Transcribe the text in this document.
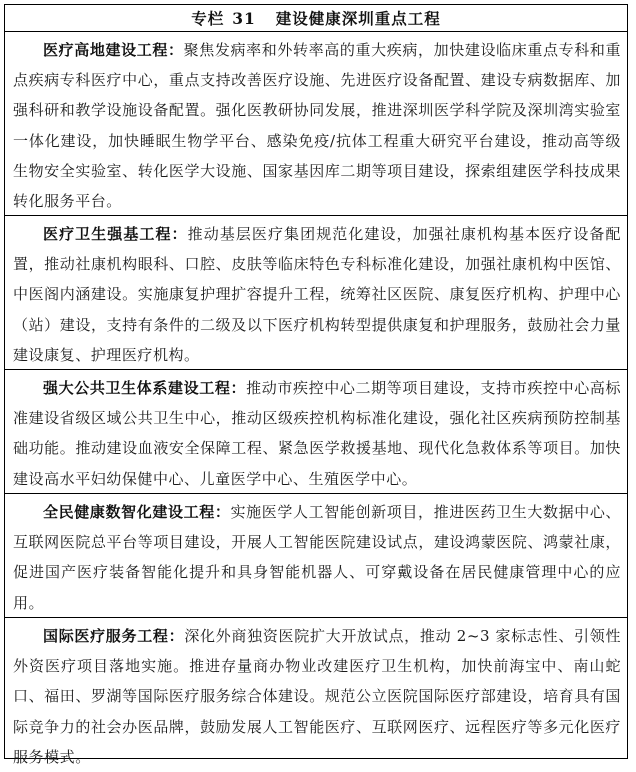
专栏 31 建设健康深圳重点工程

医疗高地建设工程：聚焦发病率和外转率高的重大疾病，加快建设临床重点专科和重点疾病专科医疗中心，重点支持改善医疗设施、先进医疗设备配置、建设专病数据库、加强科研和教学设施设备配置。强化医教研协同发展，推进深圳医学科学院及深圳湾实验室一体化建设，加快睡眠生物学平台、感染免疫/抗体工程重大研究平台建设，推动高等级生物安全实验室、转化医学大设施、国家基因库二期等项目建设，探索组建医学科技成果转化服务平台。

医疗卫生强基工程：推动基层医疗集团规范化建设，加强社康机构基本医疗设备配置，推动社康机构眼科、口腔、皮肤等临床特色专科标准化建设，加强社康机构中医馆、中医阁内涵建设。实施康复护理扩容提升工程，统筹社区医院、康复医疗机构、护理中心（站）建设，支持有条件的二级及以下医疗机构转型提供康复和护理服务，鼓励社会力量建设康复、护理医疗机构。

强大公共卫生体系建设工程：推动市疾控中心二期等项目建设，支持市疾控中心高标准建设省级区域公共卫生中心，推动区级疾控机构标准化建设，强化社区疾病预防控制基础功能。推动建设血液安全保障工程、紧急医学救援基地、现代化急救体系等项目。加快建设高水平妇幼保健中心、儿童医学中心、生殖医学中心。

全民健康数智化建设工程：实施医学人工智能创新项目，推进医药卫生大数据中心、互联网医院总平台等项目建设，开展人工智能医院建设试点，建设鸿蒙医院、鸿蒙社康，促进国产医疗装备智能化提升和具身智能机器人、可穿戴设备在居民健康管理中心的应用。

国际医疗服务工程：深化外商独资医院扩大开放试点，推动 2~3 家标志性、引领性外资医疗项目落地实施。推进存量商办物业改建医疗卫生机构，加快前海宝中、南山蛇口、福田、罗湖等国际医疗服务综合体建设。规范公立医院国际医疗部建设，培育具有国际竞争力的社会办医品牌，鼓励发展人工智能医疗、互联网医疗、远程医疗等多元化医疗服务模式。
